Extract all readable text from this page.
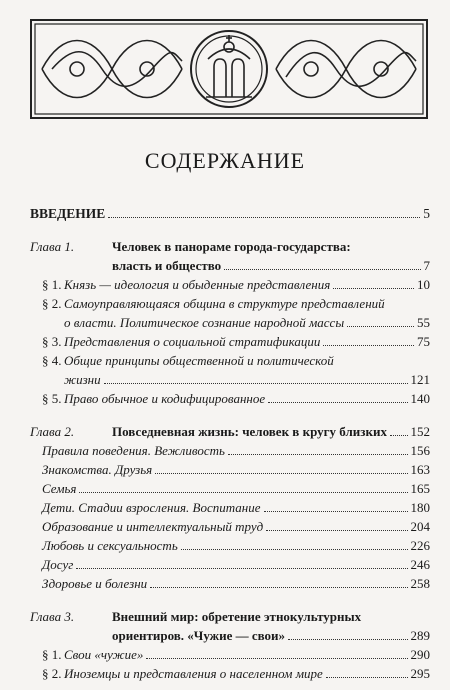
СОДЕРЖАНИЕ
ВВЕДЕНИЕ	5
Глава 1.	Человек в панораме города-государства:
власть и общество	7
§ 1. Князь — идеология и обыденные представления	10
§ 2. Самоуправляющаяся община в структуре представлений
о власти. Политическое сознание народной массы	55
§ 3. Представления о социальной стратификации	75
§ 4. Общие принципы общественной и политической
жизни	121
§ 5. Право обычное и кодифицированное	140
Глава 2.	Повседневная жизнь: человек в кругу близких 152
Правила поведения. Вежливость	156
Знакомства. Друзья	163
Семья	165
Дети. Стадии взросления. Воспитание	180
Образование и интеллектуальный труд	204
Любовь и сексуальность	226
Досуг	246
Здоровье и болезни	258
Глава 3.	Внешний мир: обретение этнокультурных
ориентиров. «Чужие — свои»	289
§ 1. Свои «чужие»	290
§ 2. Иноземцы и представления о населенном мире	295
